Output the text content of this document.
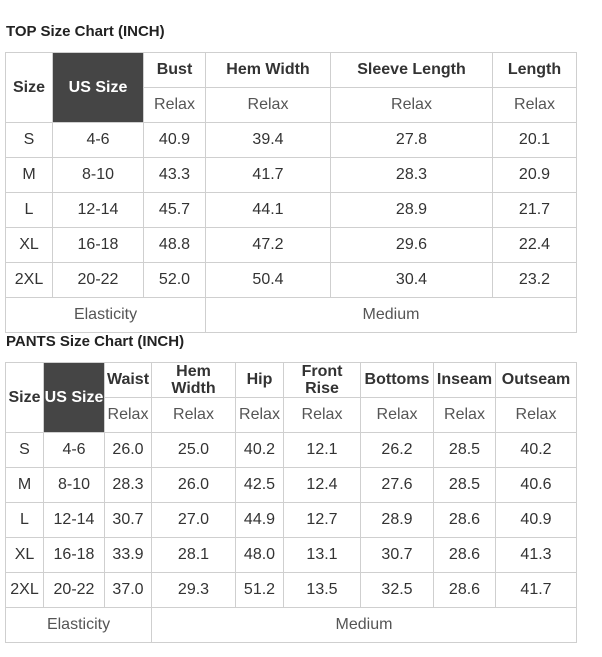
TOP Size Chart (INCH)
Size	US Size	Bust	Hem Width	Sleeve Length	Length
		Relax	Relax	Relax	Relax
S	4-6	40.9	39.4	27.8	20.1
M	8-10	43.3	41.7	28.3	20.9
L	12-14	45.7	44.1	28.9	21.7
XL	16-18	48.8	47.2	29.6	22.4
2XL	20-22	52.0	50.4	30.4	23.2
Elasticity			Medium		
PANTS Size Chart (INCH)
Size	US Size	Waist	Hem Width	Hip	Front Rise	Bottoms	Inseam	Outseam
		Relax	Relax	Relax	Relax	Relax	Relax	Relax
S	4-6	26.0	25.0	40.2	12.1	26.2	28.5	40.2
M	8-10	28.3	26.0	42.5	12.4	27.6	28.5	40.6
L	12-14	30.7	27.0	44.9	12.7	28.9	28.6	40.9
XL	16-18	33.9	28.1	48.0	13.1	30.7	28.6	41.3
2XL	20-22	37.0	29.3	51.2	13.5	32.5	28.6	41.7
Elasticity			Medium					
